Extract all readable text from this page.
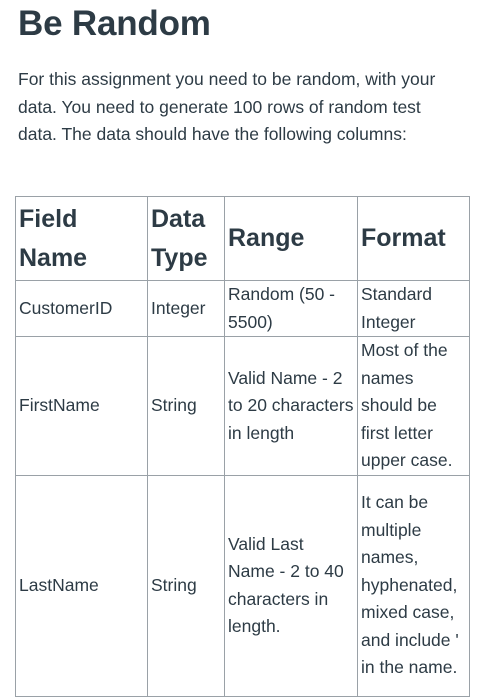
Be Random

For this assignment you need to be random, with your data. You need to generate 100 rows of random test data. The data should have the following columns:

Field Name	Data Type	Range	Format
CustomerID	Integer	Random (50 - 5500)	Standard Integer
FirstName	String	Valid Name - 2 to 20 characters in length	Most of the names should be first letter upper case.
LastName	String	Valid Last Name - 2 to 40 characters in length.	It can be multiple names, hyphenated, mixed case, and include ' in the name.
